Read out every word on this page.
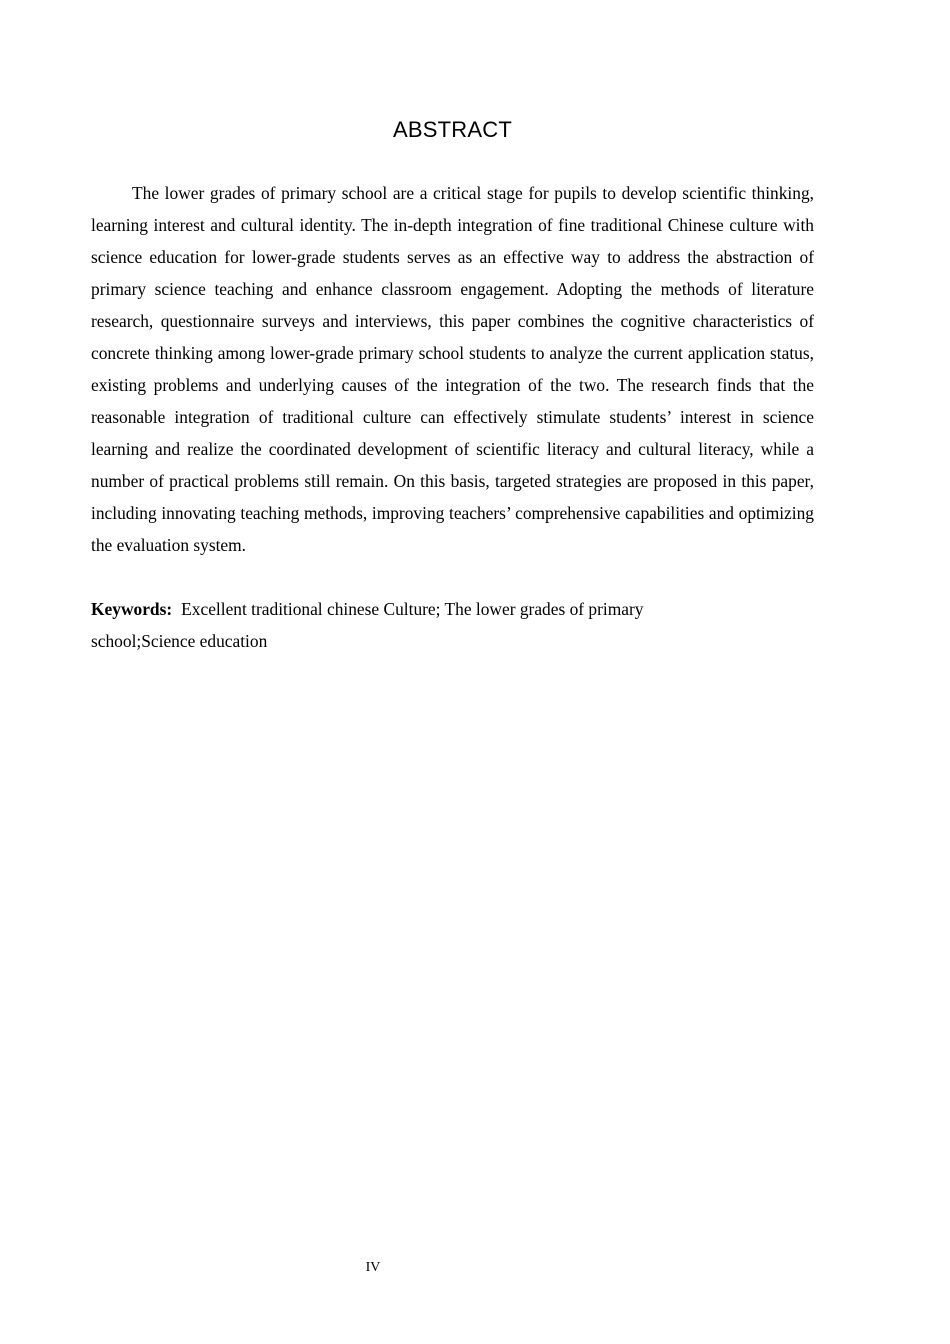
ABSTRACT

The lower grades of primary school are a critical stage for pupils to develop scientific thinking, learning interest and cultural identity. The in-depth integration of fine traditional Chinese culture with science education for lower-grade students serves as an effective way to address the abstraction of primary science teaching and enhance classroom engagement. Adopting the methods of literature research, questionnaire surveys and interviews, this paper combines the cognitive characteristics of concrete thinking among lower-grade primary school students to analyze the current application status, existing problems and underlying causes of the integration of the two. The research finds that the reasonable integration of traditional culture can effectively stimulate students’ interest in science learning and realize the coordinated development of scientific literacy and cultural literacy, while a number of practical problems still remain. On this basis, targeted strategies are proposed in this paper, including innovating teaching methods, improving teachers’ comprehensive capabilities and optimizing the evaluation system.

Keywords: Excellent traditional chinese Culture; The lower grades of primary school;Science education

IV
